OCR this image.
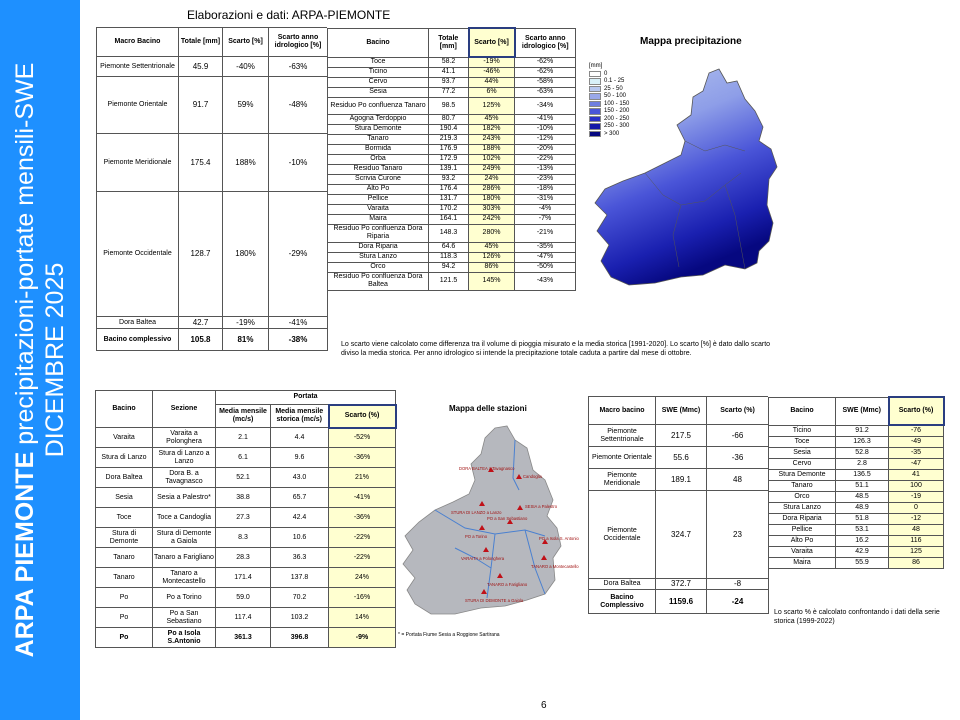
ARPA PIEMONTE precipitazioni-portate mensili-SWE DICEMBRE 2025
Elaborazioni e dati: ARPA-PIEMONTE
Macro Bacino	Totale [mm]	Scarto [%]	Scarto anno idrologico [%]
Piemonte Settentrionale	45.9	-40%	-63%
Piemonte Orientale	91.7	59%	-48%
Piemonte Meridionale	175.4	188%	-10%
Piemonte Occidentale	128.7	180%	-29%
Dora Baltea	42.7	-19%	-41%
Bacino complessivo	105.8	81%	-38%
Bacino	Totale [mm]	Scarto [%]	Scarto anno idrologico [%]
Toce	58.2	-19%	-62%
Ticino	41.1	-46%	-62%
Cervo	93.7	44%	-58%
Sesia	77.2	6%	-63%
Residuo Po confluenza Tanaro	98.5	125%	-34%
Agogna Terdoppio	80.7	45%	-41%
Stura Demonte	190.4	182%	-10%
Tanaro	219.3	243%	-12%
Bormida	176.9	188%	-20%
Orba	172.9	102%	-22%
Residuo Tanaro	139.1	249%	-13%
Scrivia Curone	93.2	24%	-23%
Alto Po	176.4	286%	-18%
Pellice	131.7	180%	-31%
Varaita	170.2	303%	-4%
Maira	164.1	242%	-7%
Residuo Po confluenza Dora Riparia	148.3	280%	-21%
Dora Riparia	64.6	45%	-35%
Stura Lanzo	118.3	126%	-47%
Orco	94.2	86%	-50%
Residuo Po confluenza Dora Baltea	121.5	145%	-43%
Lo scarto viene calcolato come differenza tra il volume di pioggia misurato e la media storica [1991-2020]. Lo scarto [%] è dato dallo scarto diviso la media storica. Per anno idrologico si intende la precipitazione totale caduta a partire dal mese di ottobre.
Mappa precipitazione
[mm]
0
0.1 - 25
25 - 50
50 - 100
100 - 150
150 - 200
200 - 250
250 - 300
> 300
Bacino	Sezione	Portata		
		Media mensile (mc/s)	Media mensile storica (mc/s)	Scarto (%)
Varaita	Varaita a Polonghera	2.1	4.4	-52%
Stura di Lanzo	Stura di Lanzo a Lanzo	6.1	9.6	-36%
Dora Baltea	Dora B. a Tavagnasco	52.1	43.0	21%
Sesia	Sesia a Palestro*	38.8	65.7	-41%
Toce	Toce a Candoglia	27.3	42.4	-36%
Stura di Demonte	Stura di Demonte a Gaiola	8.3	10.6	-22%
Tanaro	Tanaro a Farigliano	28.3	36.3	-22%
Tanaro	Tanaro a Montecastello	171.4	137.8	24%
Po	Po a Torino	59.0	70.2	-16%
Po	Po a San Sebastiano	117.4	103.2	14%
Po	Po a Isola S.Antonio	361.3	396.8	-9%
Mappa delle stazioni
DORA BALTEA a Tavagnasco
Candoglia
STURA DI LANZO a Lanzo
SESIA a Palestro
PO a San Sebastiano
PO a Torino	PO a Isola S. Antonio
VARAITA a Polonghera
TANARO a Montecastello
TANARO a Farigliano
STURA DI DEMONTE a Gaiola
* = Portata Fiume Sesia a Roggione Sartirana
Macro bacino	SWE (Mmc)	Scarto (%)
Piemonte Settentrionale	217.5	-66
Piemonte Orientale	55.6	-36
Piemonte Meridionale	189.1	48
Piemonte Occidentale	324.7	23
Dora Baltea	372.7	-8
Bacino Complessivo	1159.6	-24
Bacino	SWE (Mmc)	Scarto (%)
Ticino	91.2	-76
Toce	126.3	-49
Sesia	52.8	-35
Cervo	2.8	-47
Stura Demonte	136.5	41
Tanaro	51.1	100
Orco	48.5	-19
Stura Lanzo	48.9	0
Dora Riparia	51.8	-12
Pellice	53.1	48
Alto Po	16.2	116
Varaita	42.9	125
Maira	55.9	86
Lo scarto % è calcolato confrontando i dati della serie storica (1999-2022)
6
